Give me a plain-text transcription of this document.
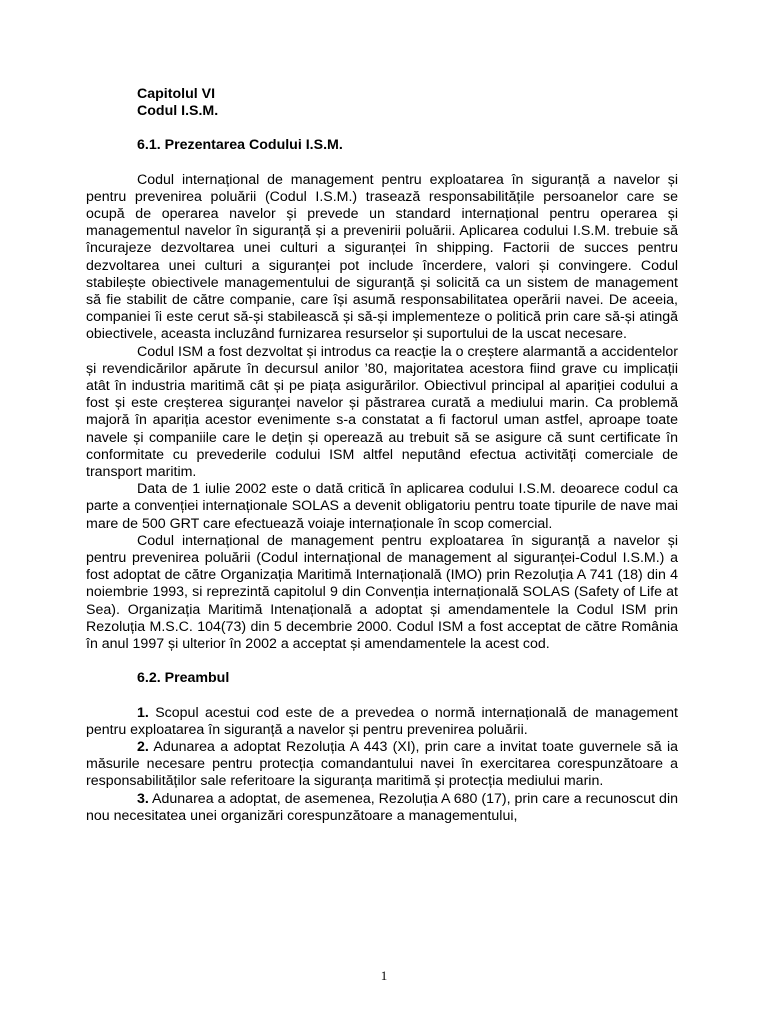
Capitolul VI

Codul I.S.M.

6.1. Prezentarea Codului I.S.M.

Codul internațional de management pentru exploatarea în siguranță a navelor și pentru prevenirea poluării (Codul I.S.M.) trasează responsabilitățile persoanelor care se ocupă de operarea navelor și prevede un standard internațional pentru operarea și managementul navelor în siguranță și a prevenirii poluării. Aplicarea codului I.S.M. trebuie să încurajeze dezvoltarea unei culturi a siguranței în shipping. Factorii de succes pentru dezvoltarea unei culturi a siguranței pot include încerdere, valori și convingere. Codul stabilește obiectivele managementului de siguranță și solicită ca un sistem de management să fie stabilit de către companie, care își asumă responsabilitatea operării navei. De aceeia, companiei îi este cerut să-și stabilească și să-și implementeze o politică prin care să-și atingă obiectivele, aceasta incluzând furnizarea resurselor și suportului de la uscat necesare.

Codul ISM a fost dezvoltat și introdus ca reacție la o creștere alarmantă a accidentelor și revendicărilor apărute în decursul anilor ’80, majoritatea acestora fiind grave cu implicații atât în industria maritimă cât și pe piața asigurărilor. Obiectivul principal al apariției codului a fost și este creșterea siguranței navelor și păstrarea curată a mediului marin. Ca problemă majoră în apariția acestor evenimente s-a constatat a fi factorul uman astfel, aproape toate navele și companiile care le dețin și operează au trebuit să se asigure că sunt certificate în conformitate cu prevederile codului ISM altfel neputând efectua activități comerciale de transport maritim.

Data de 1 iulie 2002 este o dată critică în aplicarea codului I.S.M. deoarece codul ca parte a convenției internaționale SOLAS a devenit obligatoriu pentru toate tipurile de nave mai mare de 500 GRT care efectuează voiaje internaționale în scop comercial.

Codul internațional de management pentru exploatarea în siguranță a navelor și pentru prevenirea poluării (Codul internațional de management al siguranței-Codul I.S.M.) a fost adoptat de către Organizația Maritimă Internațională (IMO) prin Rezoluția A 741 (18) din 4 noiembrie 1993, si reprezintă capitolul 9 din Convenția internațională SOLAS (Safety of Life at Sea). Organizația Maritimă Intenațională a adoptat și amendamentele la Codul ISM prin Rezoluția M.S.C. 104(73) din 5 decembrie 2000. Codul ISM a fost acceptat de către România în anul 1997 și ulterior în 2002 a acceptat și amendamentele la acest cod.

6.2. Preambul

1. Scopul acestui cod este de a prevedea o normă internațională de management pentru exploatarea în siguranță a navelor și pentru prevenirea poluării.

2. Adunarea a adoptat Rezoluția A 443 (XI), prin care a invitat toate guvernele să ia măsurile necesare pentru protecția comandantului navei în exercitarea corespunzătoare a responsabilităților sale referitoare la siguranța maritimă și protecția mediului marin.

3. Adunarea a adoptat, de asemenea, Rezoluția A 680 (17), prin care a recunoscut din nou necesitatea unei organizări corespunzătoare a managementului,

1
